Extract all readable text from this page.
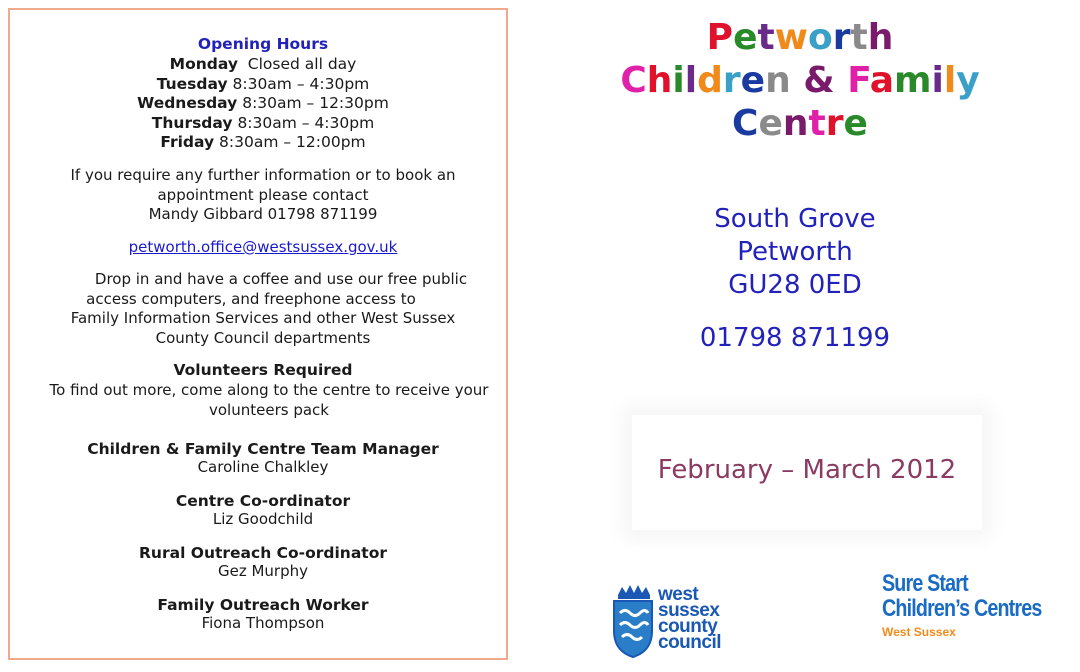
Opening Hours
Monday Closed all day
Tuesday 8:30am – 4:30pm
Wednesday 8:30am – 12:30pm
Thursday 8:30am – 4:30pm
Friday 8:30am – 12:00pm
If you require any further information or to book an
appointment please contact
Mandy Gibbard 01798 871199
petworth.office@westsussex.gov.uk
Drop in and have a coffee and use our free public
access computers, and freephone access to
Family Information Services and other West Sussex
County Council departments
Volunteers Required
To find out more, come along to the centre to receive your
volunteers pack
Children & Family Centre Team Manager
Caroline Chalkley
Centre Co-ordinator
Liz Goodchild
Rural Outreach Co-ordinator
Gez Murphy
Family Outreach Worker
Fiona Thompson
Petworth
Children & Family
Centre
South Grove
Petworth
GU28 0ED
01798 871199
February – March 2012
west
sussex
county
council
Sure Start
Children’s Centres
West Sussex
